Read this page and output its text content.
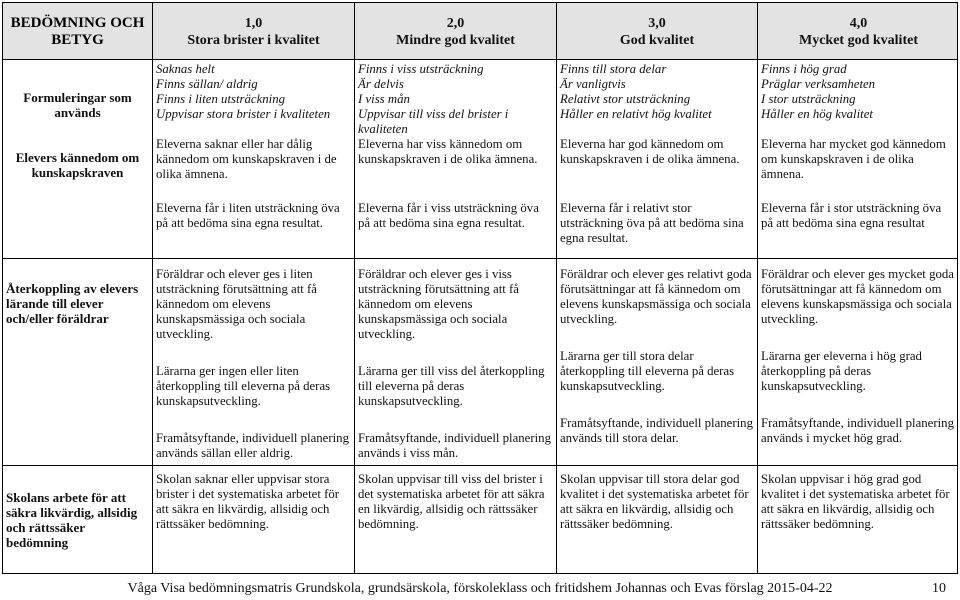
BEDÖMNING OCH BETYG
1,0
Stora brister i kvalitet
2,0
Mindre god kvalitet
3,0
God kvalitet
4,0
Mycket god kvalitet
Formuleringar som används
Elevers kännedom om kunskapskraven
Saknas helt
Finns sällan/ aldrig
Finns i liten utsträckning
Uppvisar stora brister i kvaliteten

Eleverna saknar eller har dålig kännedom om kunskapskraven i de olika ämnena.

Eleverna får i liten utsträckning öva på att bedöma sina egna resultat.

Finns i viss utsträckning
Är delvis
I viss mån
Uppvisar till viss del brister i kvaliteten

Eleverna har viss kännedom om kunskapskraven i de olika ämnena.

Eleverna får i viss utsträckning öva på att bedöma sina egna resultat.

Finns till stora delar
Är vanligtvis
Relativt stor utsträckning
Håller en relativt hög kvalitet

Eleverna har god kännedom om kunskapskraven i de olika ämnena.

Eleverna får i relativt stor utsträckning öva på att bedöma sina egna resultat.

Finns i hög grad
Präglar verksamheten
I stor utsträckning
Håller en hög kvalitet

Eleverna har mycket god kännedom om kunskapskraven i de olika ämnena.

Eleverna får i stor utsträckning öva på att bedöma sina egna resultat

Återkoppling av elevers lärande till elever och/eller föräldrar

Föräldrar och elever ges i liten utsträckning förutsättning att få kännedom om elevens kunskapsmässiga och sociala utveckling.

Lärarna ger ingen eller liten återkoppling till eleverna på deras kunskapsutveckling.

Framåtsyftande, individuell planering används sällan eller aldrig.

Föräldrar och elever ges i viss utsträckning förutsättning att få kännedom om elevens kunskapsmässiga och sociala utveckling.

Lärarna ger till viss del återkoppling till eleverna på deras kunskapsutveckling.

Framåtsyftande, individuell planering används i viss mån.

Föräldrar och elever ges relativt goda förutsättningar att få kännedom om elevens kunskapsmässiga och sociala utveckling.

Lärarna ger till stora delar återkoppling till eleverna på deras kunskapsutveckling.

Framåtsyftande, individuell planering används till stora delar.

Föräldrar och elever ges mycket goda förutsättningar att få kännedom om elevens kunskapsmässiga och sociala utveckling.

Lärarna ger eleverna i hög grad återkoppling på deras kunskapsutveckling.

Framåtsyftande, individuell planering används i mycket hög grad.

Skolans arbete för att säkra likvärdig, allsidig och rättssäker bedömning

Skolan saknar eller uppvisar stora brister i det systematiska arbetet för att säkra en likvärdig, allsidig och rättssäker bedömning.

Skolan uppvisar till viss del brister i det systematiska arbetet för att säkra en likvärdig, allsidig och rättssäker bedömning.

Skolan uppvisar till stora delar god kvalitet i det systematiska arbetet för att säkra en likvärdig, allsidig och rättssäker bedömning.

Skolan uppvisar i hög grad god kvalitet i det systematiska arbetet för att säkra en likvärdig, allsidig och rättssäker bedömning.

Våga Visa bedömningsmatris Grundskola, grundsärskola, förskoleklass och fritidshem Johannas och Evas förslag 2015-04-22	10
